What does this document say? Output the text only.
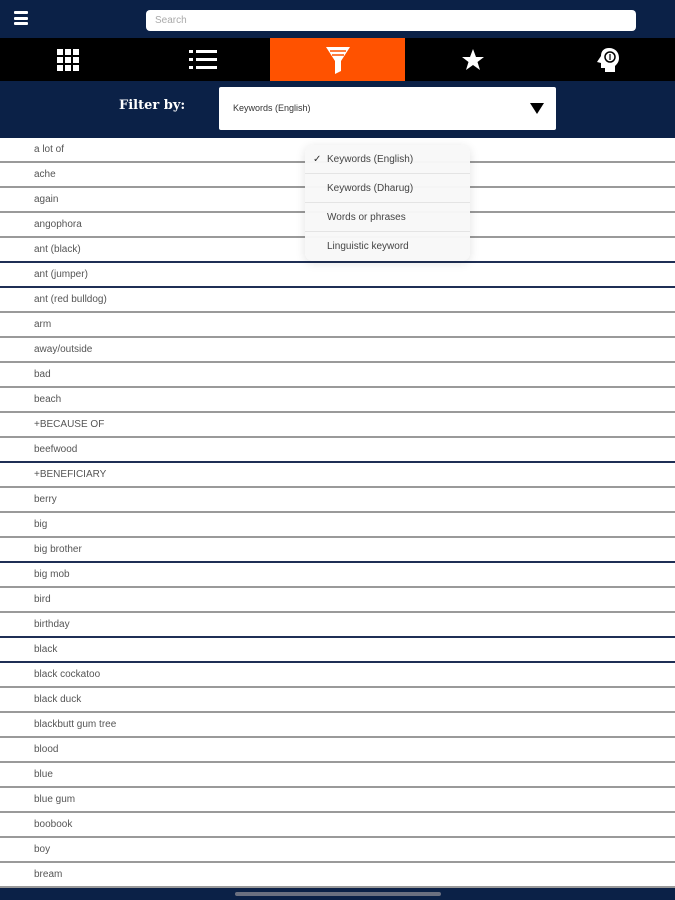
Search
Filter by:	Keywords (English)
a lot of
ache
again
angophora
ant (black)
ant (jumper)
ant (red bulldog)
arm
away/outside
bad
beach
+BECAUSE OF
beefwood
+BENEFICIARY
berry
big
big brother
big mob
bird
birthday
black
black cockatoo
black duck
blackbutt gum tree
blood
blue
blue gum
boobook
boy
bream
✓ Keywords (English)
Keywords (Dharug)
Words or phrases
Linguistic keyword
